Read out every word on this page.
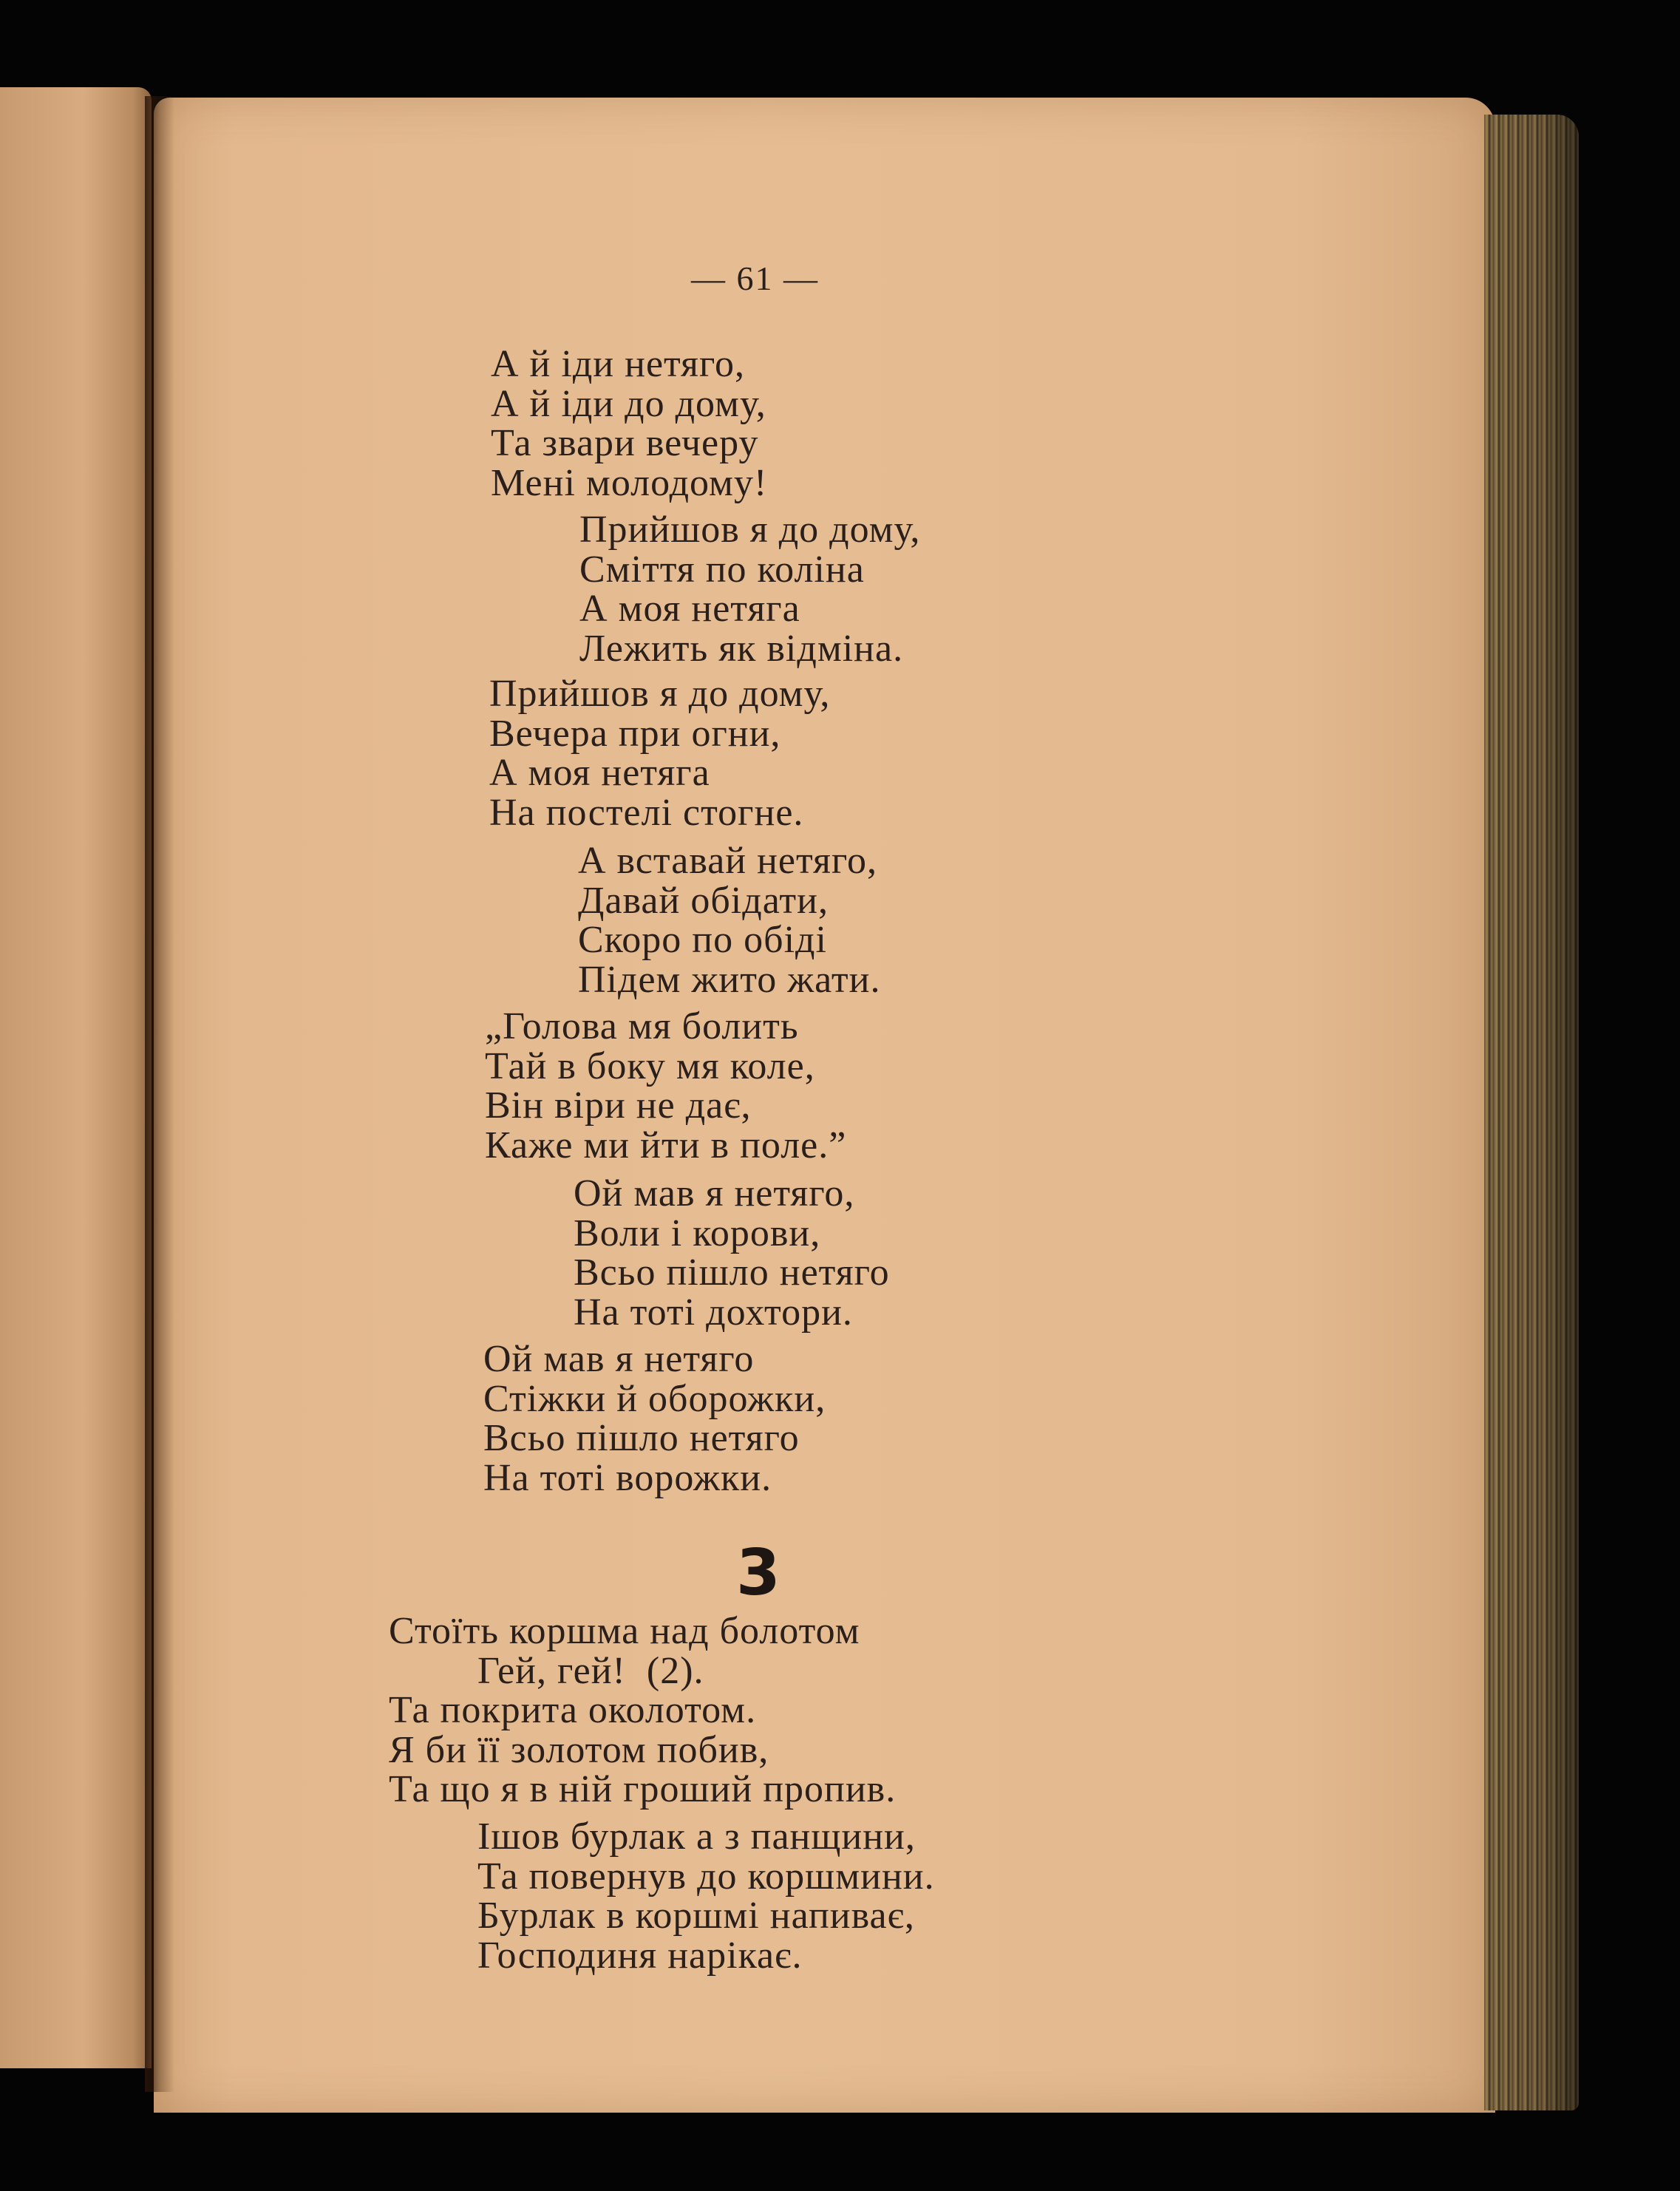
— 61 —
А й іди нетяго,
А й іди до дому,
Та звари вечеру
Мені молодому!
Прийшов я до дому,
Сміття по коліна
А моя нетяга
Лежить як відміна.
Прийшов я до дому,
Вечера при огни,
А моя нетяга
На постелі стогне.
А вставай нетяго,
Давай обідати,
Скоро по обіді
Підем жито жати.
„Голова мя болить
Тай в боку мя коле,
Він віри не дає,
Каже ми йти в поле.”
Ой мав я нетяго,
Воли і корови,
Всьо пішло нетяго
На тоті дохтори.
Ой мав я нетяго
Стіжки й оборожки,
Всьо пішло нетяго
На тоті ворожки.
3
Стоїть коршма над болотом
Гей, гей!  (2).
Та покрита околотом.
Я би її золотом побив,
Та що я в ній гроший пропив.
Ішов бурлак а з панщини,
Та повернув до коршмини.
Бурлак в коршмі напиває,
Господиня нарікає.
